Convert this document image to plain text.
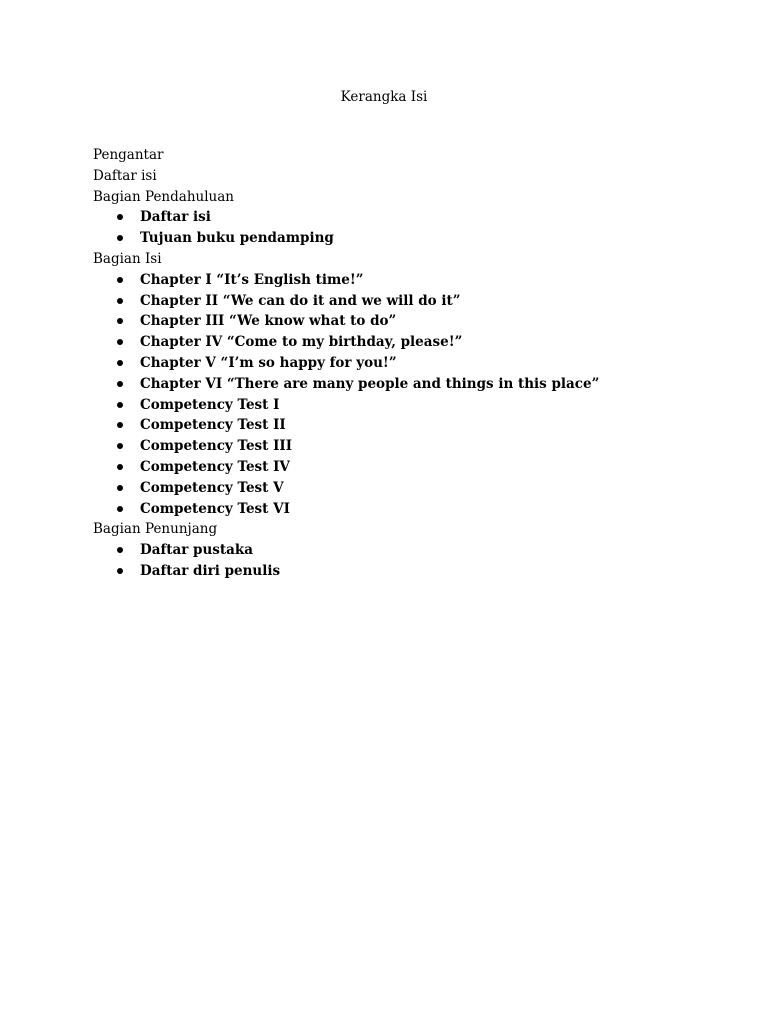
Kerangka Isi
Pengantar
Daftar isi
Bagian Pendahuluan
Daftar isi
Tujuan buku pendamping
Bagian Isi
Chapter I “It’s English time!”
Chapter II “We can do it and we will do it”
Chapter III “We know what to do”
Chapter IV “Come to my birthday, please!”
Chapter V “I’m so happy for you!”
Chapter VI “There are many people and things in this place”
Competency Test I
Competency Test II
Competency Test III
Competency Test IV
Competency Test V
Competency Test VI
Bagian Penunjang
Daftar pustaka
Daftar diri penulis
